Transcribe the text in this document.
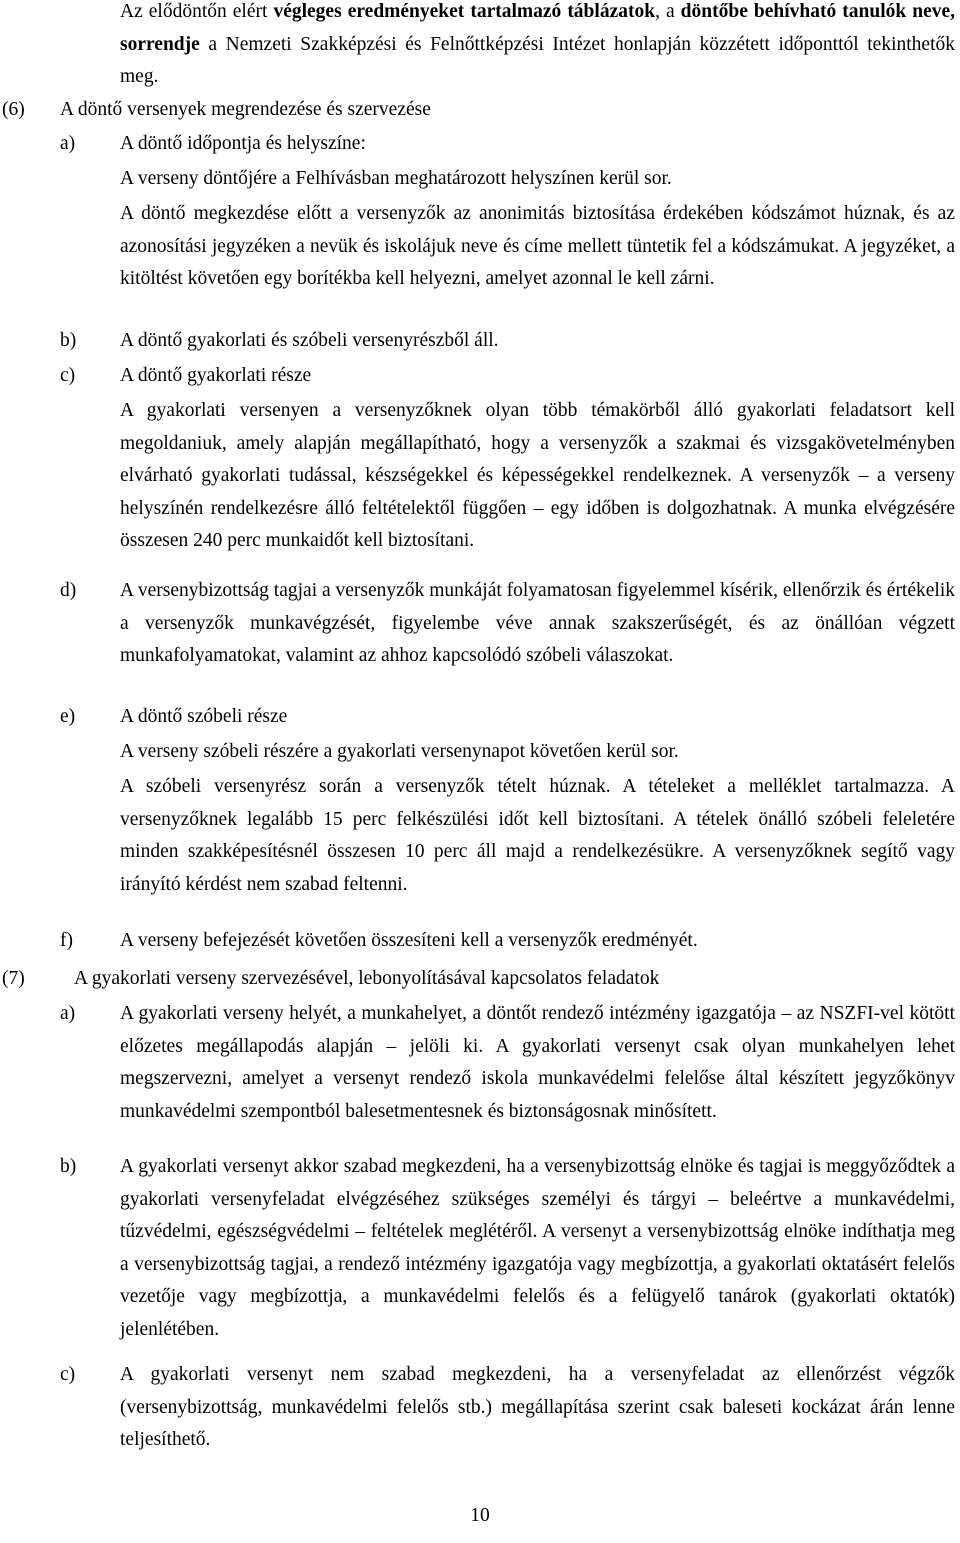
Az elődöntőn elért végleges eredményeket tartalmazó táblázatok, a döntőbe behívható tanulók neve, sorrendje a Nemzeti Szakképzési és Felnőttképzési Intézet honlapján közzétett időponttól tekinthetők meg.
(6) A döntő versenyek megrendezése és szervezése
a) A döntő időpontja és helyszíne:
A verseny döntőjére a Felhívásban meghatározott helyszínen kerül sor.
A döntő megkezdése előtt a versenyzők az anonimitás biztosítása érdekében kódszámot húznak, és az azonosítási jegyzéken a nevük és iskolájuk neve és címe mellett tüntetik fel a kódszámukat. A jegyzéket, a kitöltést követően egy borítékba kell helyezni, amelyet azonnal le kell zárni.
b) A döntő gyakorlati és szóbeli versenyrészből áll.
c) A döntő gyakorlati része
A gyakorlati versenyen a versenyzőknek olyan több témakörből álló gyakorlati feladatsort kell megoldaniuk, amely alapján megállapítható, hogy a versenyzők a szakmai és vizsgakövetelményben elvárható gyakorlati tudással, készségekkel és képességekkel rendelkeznek. A versenyzők – a verseny helyszínén rendelkezésre álló feltételektől függően – egy időben is dolgozhatnak. A munka elvégzésére összesen 240 perc munkaidőt kell biztosítani.
d) A versenybizottság tagjai a versenyzők munkáját folyamatosan figyelemmel kísérik, ellenőrzik és értékelik a versenyzők munkavégzését, figyelembe véve annak szakszerűségét, és az önállóan végzett munkafolyamatokat, valamint az ahhoz kapcsolódó szóbeli válaszokat.
e) A döntő szóbeli része
A verseny szóbeli részére a gyakorlati versenynapot követően kerül sor.
A szóbeli versenyrész során a versenyzők tételt húznak. A tételeket a melléklet tartalmazza. A versenyzőknek legalább 15 perc felkészülési időt kell biztosítani. A tételek önálló szóbeli feleletére minden szakképesítésnél összesen 10 perc áll majd a rendelkezésükre. A versenyzőknek segítő vagy irányító kérdést nem szabad feltenni.
f) A verseny befejezését követően összesíteni kell a versenyzők eredményét.
(7)	A gyakorlati verseny szervezésével, lebonyolításával kapcsolatos feladatok
a) A gyakorlati verseny helyét, a munkahelyet, a döntőt rendező intézmény igazgatója – az NSZFI-vel kötött előzetes megállapodás alapján – jelöli ki. A gyakorlati versenyt csak olyan munkahelyen lehet megszervezni, amelyet a versenyt rendező iskola munkavédelmi felelőse által készített jegyzőkönyv munkavédelmi szempontból balesetmentesnek és biztonságosnak minősített.
b) A gyakorlati versenyt akkor szabad megkezdeni, ha a versenybizottság elnöke és tagjai is meggyőződtek a gyakorlati versenyfeladat elvégzéséhez szükséges személyi és tárgyi – beleértve a munkavédelmi, tűzvédelmi, egészségvédelmi – feltételek meglétéről. A versenyt a versenybizottság elnöke indíthatja meg a versenybizottság tagjai, a rendező intézmény igazgatója vagy megbízottja, a gyakorlati oktatásért felelős vezetője vagy megbízottja, a munkavédelmi felelős és a felügyelő tanárok (gyakorlati oktatók) jelenlétében.
c) A gyakorlati versenyt nem szabad megkezdeni, ha a versenyfeladat az ellenőrzést végzők (versenybizottság, munkavédelmi felelős stb.) megállapítása szerint csak baleseti kockázat árán lenne teljesíthető.
10
